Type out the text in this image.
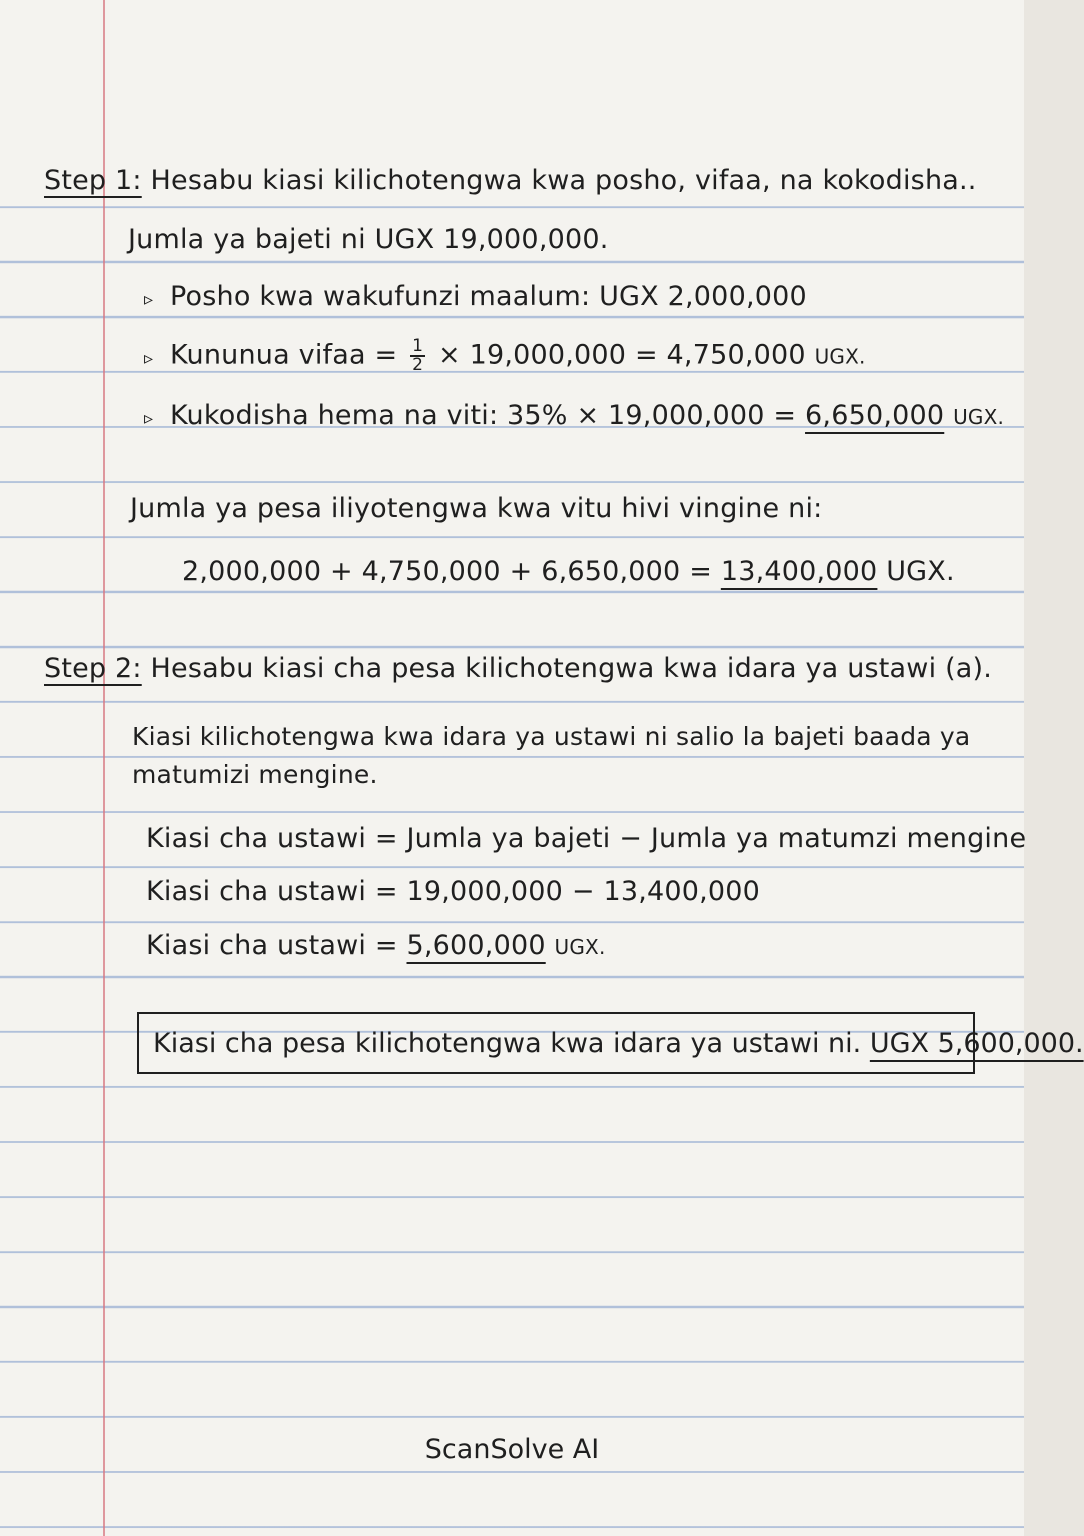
Step 1: Hesabu kiasi kilichotengwa kwa posho, vifaa, na kokodisha..
Jumla ya bajeti ni UGX 19,000,000.
▹ Posho kwa wakufunzi maalum: UGX 2,000,000
▹ Kununua vifaa = $\frac{1}{2} \times 19,000,000 = 4,750,000$ UGX.
▹ Kukodisha hema na viti: 35% × 19,000,000 = 6,650,000 UGX.
Jumla ya pesa iliyotengwa kwa vitu hivi vingine ni:
2,000,000 + 4,750,000 + 6,650,000 = 13,400,000 UGX.
Step 2: Hesabu kiasi cha pesa kilichotengwa kwa idara ya ustawi (a).
Kiasi kilichotengwa kwa idara ya ustawi ni salio la bajeti baada ya
matumizi mengine.
Kiasi cha ustawi = Jumla ya bajeti − Jumla ya matumzi mengine
Kiasi cha ustawi = 19,000,000 − 13,400,000
Kiasi cha ustawi = 5,600,000 UGX.
Kiasi cha pesa kilichotengwa kwa idara ya ustawi ni. UGX 5,600,000.
ScanSolve AI
